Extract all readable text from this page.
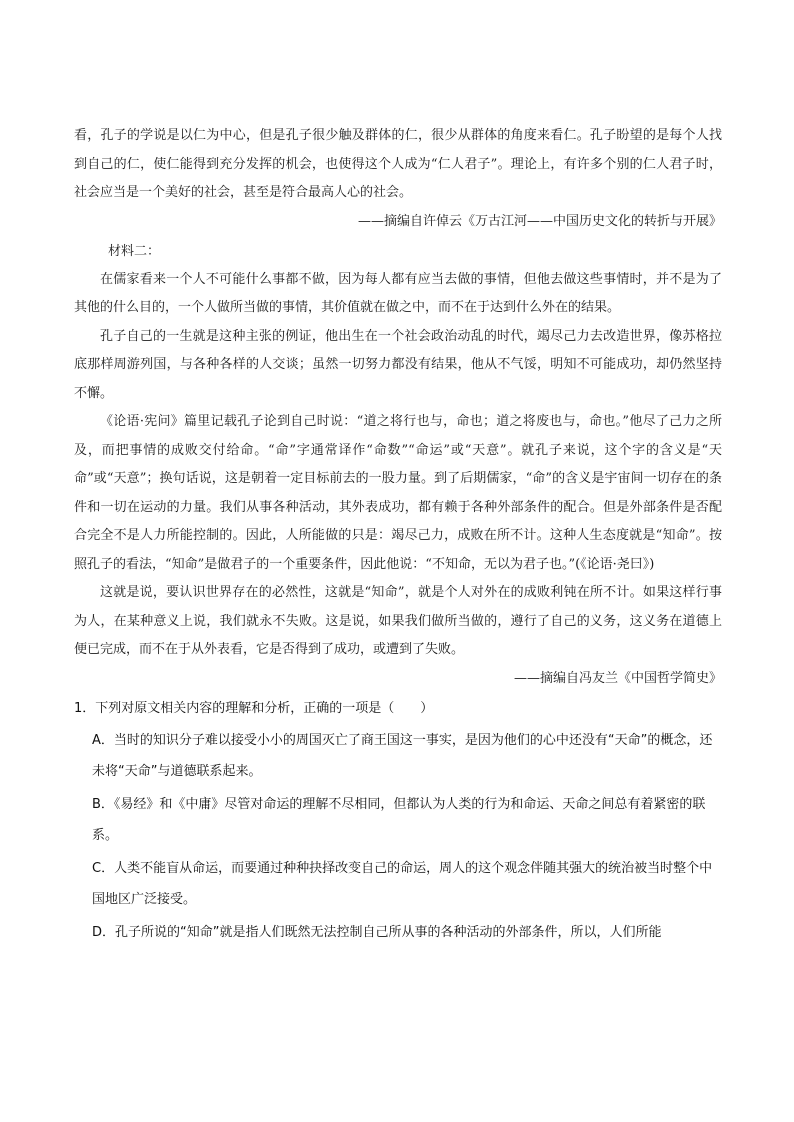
看，孔子的学说是以仁为中心，但是孔子很少触及群体的仁，很少从群体的角度来看仁。孔子盼望的是每个人找到自己的仁，使仁能得到充分发挥的机会，也使得这个人成为“仁人君子”。理论上，有许多个别的仁人君子时，社会应当是一个美好的社会，甚至是符合最高人心的社会。

——摘编自许倬云《万古江河——中国历史文化的转折与开展》

材料二：

在儒家看来一个人不可能什么事都不做，因为每人都有应当去做的事情，但他去做这些事情时，并不是为了其他的什么目的，一个人做所当做的事情，其价值就在做之中，而不在于达到什么外在的结果。

孔子自己的一生就是这种主张的例证，他出生在一个社会政治动乱的时代，竭尽己力去改造世界，像苏格拉底那样周游列国，与各种各样的人交谈；虽然一切努力都没有结果，他从不气馁，明知不可能成功，却仍然坚持不懈。

《论语·宪问》篇里记载孔子论到自己时说：“道之将行也与，命也；道之将废也与，命也。”他尽了己力之所及，而把事情的成败交付给命。“命”字通常译作“命数”“命运”或“天意”。就孔子来说，这个字的含义是“天命”或“天意”；换句话说，这是朝着一定目标前去的一股力量。到了后期儒家，“命”的含义是宇宙间一切存在的条件和一切在运动的力量。我们从事各种活动，其外表成功，都有赖于各种外部条件的配合。但是外部条件是否配合完全不是人力所能控制的。因此，人所能做的只是：竭尽己力，成败在所不计。这种人生态度就是“知命”。按照孔子的看法，“知命”是做君子的一个重要条件，因此他说：“不知命，无以为君子也。”(《论语·尧曰》)

这就是说，要认识世界存在的必然性，这就是“知命”，就是个人对外在的成败利钝在所不计。如果这样行事为人，在某种意义上说，我们就永不失败。这是说，如果我们做所当做的，遵行了自己的义务，这义务在道德上便已完成，而不在于从外表看，它是否得到了成功，或遭到了失败。

——摘编自冯友兰《中国哲学简史》

1．下列对原文相关内容的理解和分析，正确的一项是（　　）

A．当时的知识分子难以接受小小的周国灭亡了商王国这一事实，是因为他们的心中还没有“天命”的概念，还未将“天命”与道德联系起来。

B．《易经》和《中庸》尽管对命运的理解不尽相同，但都认为人类的行为和命运、天命之间总有着紧密的联系。

C．人类不能盲从命运，而要通过种种抉择改变自己的命运，周人的这个观念伴随其强大的统治被当时整个中国地区广泛接受。

D．孔子所说的“知命”就是指人们既然无法控制自己所从事的各种活动的外部条件，所以，人们所能
